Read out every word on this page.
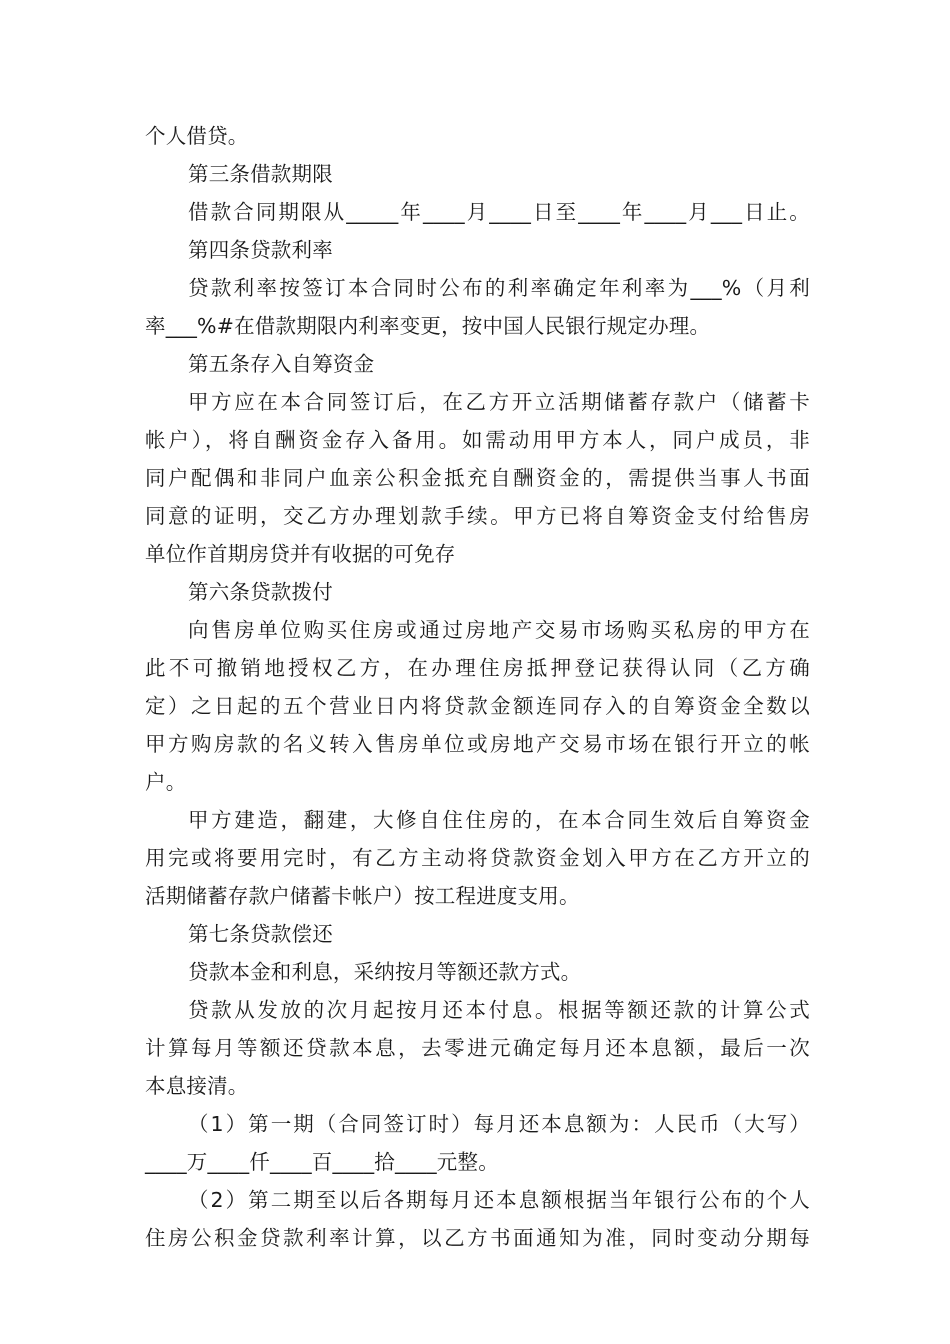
个人借贷。
第三条借款期限
借款合同期限从_____年____月____日至____年____月___日止。
第四条贷款利率
贷款利率按签订本合同时公布的利率确定年利率为___%（月利
率___%#在借款期限内利率变更，按中国人民银行规定办理。
第五条存入自筹资金
甲方应在本合同签订后，在乙方开立活期储蓄存款户（储蓄卡
帐户），将自酬资金存入备用。如需动用甲方本人，同户成员，非
同户配偶和非同户血亲公积金抵充自酬资金的，需提供当事人书面
同意的证明，交乙方办理划款手续。甲方已将自筹资金支付给售房
单位作首期房贷并有收据的可免存
第六条贷款拨付
向售房单位购买住房或通过房地产交易市场购买私房的甲方在
此不可撤销地授权乙方，在办理住房抵押登记获得认同（乙方确
定）之日起的五个营业日内将贷款金额连同存入的自筹资金全数以
甲方购房款的名义转入售房单位或房地产交易市场在银行开立的帐
户。
甲方建造，翻建，大修自住住房的，在本合同生效后自筹资金
用完或将要用完时，有乙方主动将贷款资金划入甲方在乙方开立的
活期储蓄存款户储蓄卡帐户）按工程进度支用。
第七条贷款偿还
贷款本金和利息，采纳按月等额还款方式。
贷款从发放的次月起按月还本付息。根据等额还款的计算公式
计算每月等额还贷款本息，去零进元确定每月还本息额，最后一次
本息接清。
（1）第一期（合同签订时）每月还本息额为：人民币（大写）
____万____仟____百____拾____元整。
（2）第二期至以后各期每月还本息额根据当年银行公布的个人
住房公积金贷款利率计算，以乙方书面通知为准，同时变动分期每
